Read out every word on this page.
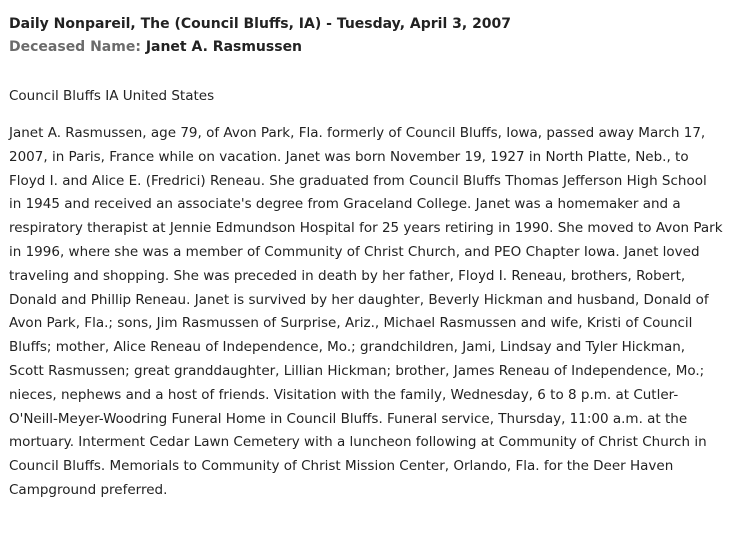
Daily Nonpareil, The (Council Bluffs, IA) - Tuesday, April 3, 2007
Deceased Name: Janet A. Rasmussen
Council Bluffs IA United States
Janet A. Rasmussen, age 79, of Avon Park, Fla. formerly of Council Bluffs, Iowa, passed away March 17, 2007, in Paris, France while on vacation. Janet was born November 19, 1927 in North Platte, Neb., to Floyd I. and Alice E. (Fredrici) Reneau. She graduated from Council Bluffs Thomas Jefferson High School in 1945 and received an associate's degree from Graceland College. Janet was a homemaker and a respiratory therapist at Jennie Edmundson Hospital for 25 years retiring in 1990. She moved to Avon Park in 1996, where she was a member of Community of Christ Church, and PEO Chapter Iowa. Janet loved traveling and shopping. She was preceded in death by her father, Floyd I. Reneau, brothers, Robert, Donald and Phillip Reneau. Janet is survived by her daughter, Beverly Hickman and husband, Donald of Avon Park, Fla.; sons, Jim Rasmussen of Surprise, Ariz., Michael Rasmussen and wife, Kristi of Council Bluffs; mother, Alice Reneau of Independence, Mo.; grandchildren, Jami, Lindsay and Tyler Hickman, Scott Rasmussen; great granddaughter, Lillian Hickman; brother, James Reneau of Independence, Mo.; nieces, nephews and a host of friends. Visitation with the family, Wednesday, 6 to 8 p.m. at Cutler-O'Neill-Meyer-Woodring Funeral Home in Council Bluffs. Funeral service, Thursday, 11:00 a.m. at the mortuary. Interment Cedar Lawn Cemetery with a luncheon following at Community of Christ Church in Council Bluffs. Memorials to Community of Christ Mission Center, Orlando, Fla. for the Deer Haven Campground preferred.
